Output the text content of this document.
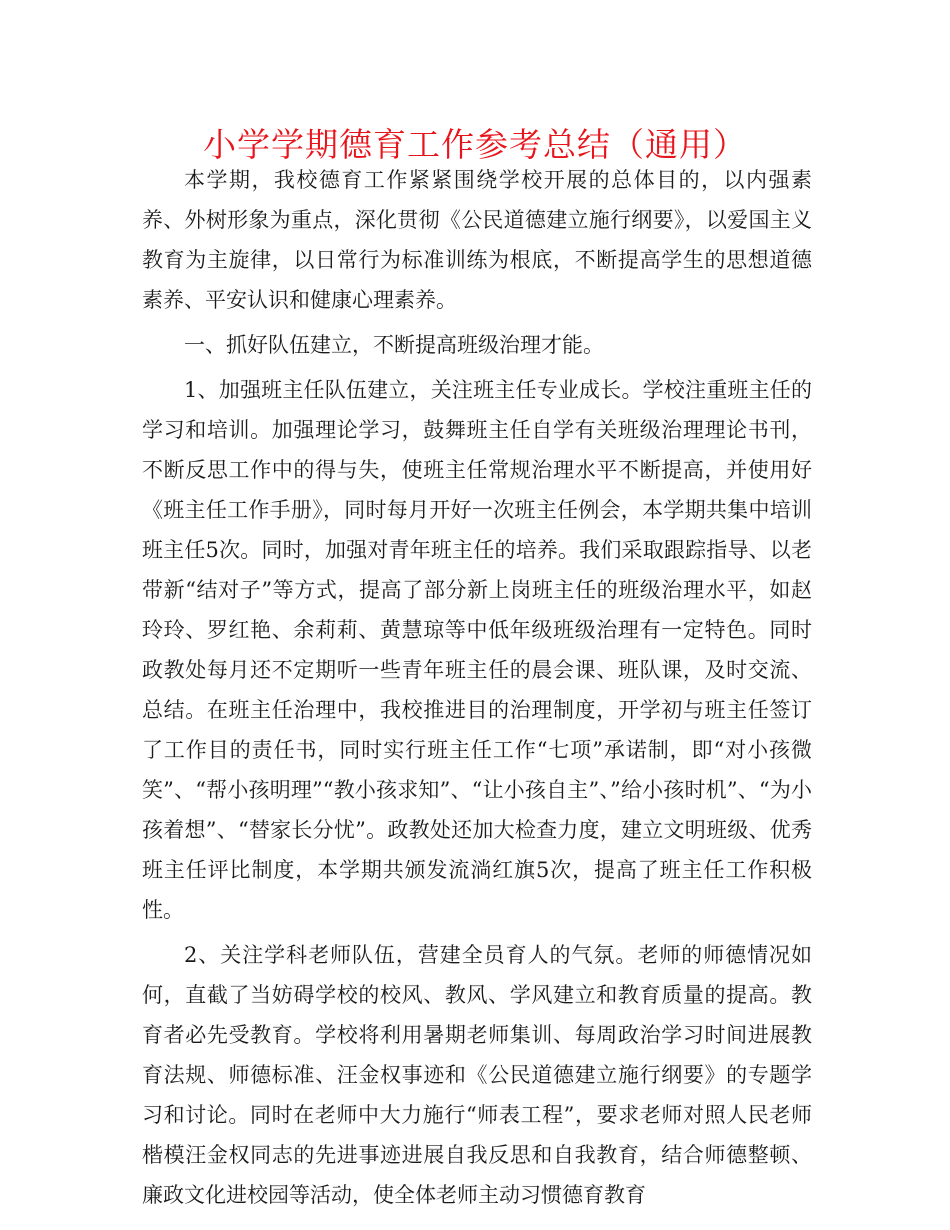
小学学期德育工作参考总结（通用）

本学期，我校德育工作紧紧围绕学校开展的总体目的，以内强素养、外树形象为重点，深化贯彻《公民道德建立施行纲要》，以爱国主义教育为主旋律，以日常行为标准训练为根底，不断提高学生的思想道德素养、平安认识和健康心理素养。

一、抓好队伍建立，不断提高班级治理才能。

1、加强班主任队伍建立，关注班主任专业成长。学校注重班主任的学习和培训。加强理论学习，鼓舞班主任自学有关班级治理理论书刊，不断反思工作中的得与失，使班主任常规治理水平不断提高，并使用好《班主任工作手册》，同时每月开好一次班主任例会，本学期共集中培训班主任5次。同时，加强对青年班主任的培养。我们采取跟踪指导、以老带新“结对子”等方式，提高了部分新上岗班主任的班级治理水平，如赵玲玲、罗红艳、余莉莉、黄慧琼等中低年级班级治理有一定特色。同时政教处每月还不定期听一些青年班主任的晨会课、班队课，及时交流、总结。在班主任治理中，我校推进目的治理制度，开学初与班主任签订了工作目的责任书，同时实行班主任工作“七项”承诺制，即“对小孩微笑”、“帮小孩明理”“教小孩求知”、“让小孩自主”、”给小孩时机”、“为小孩着想”、“替家长分忧”。政教处还加大检查力度，建立文明班级、优秀班主任评比制度，本学期共颁发流淌红旗5次，提高了班主任工作积极性。

2、关注学科老师队伍，营建全员育人的气氛。老师的师德情况如何，直截了当妨碍学校的校风、教风、学风建立和教育质量的提高。教育者必先受教育。学校将利用暑期老师集训、每周政治学习时间进展教育法规、师德标准、汪金权事迹和《公民道德建立施行纲要》的专题学习和讨论。同时在老师中大力施行“师表工程”，要求老师对照人民老师楷模汪金权同志的先进事迹进展自我反思和自我教育，结合师德整顿、廉政文化进校园等活动，使全体老师主动习惯德育教育
